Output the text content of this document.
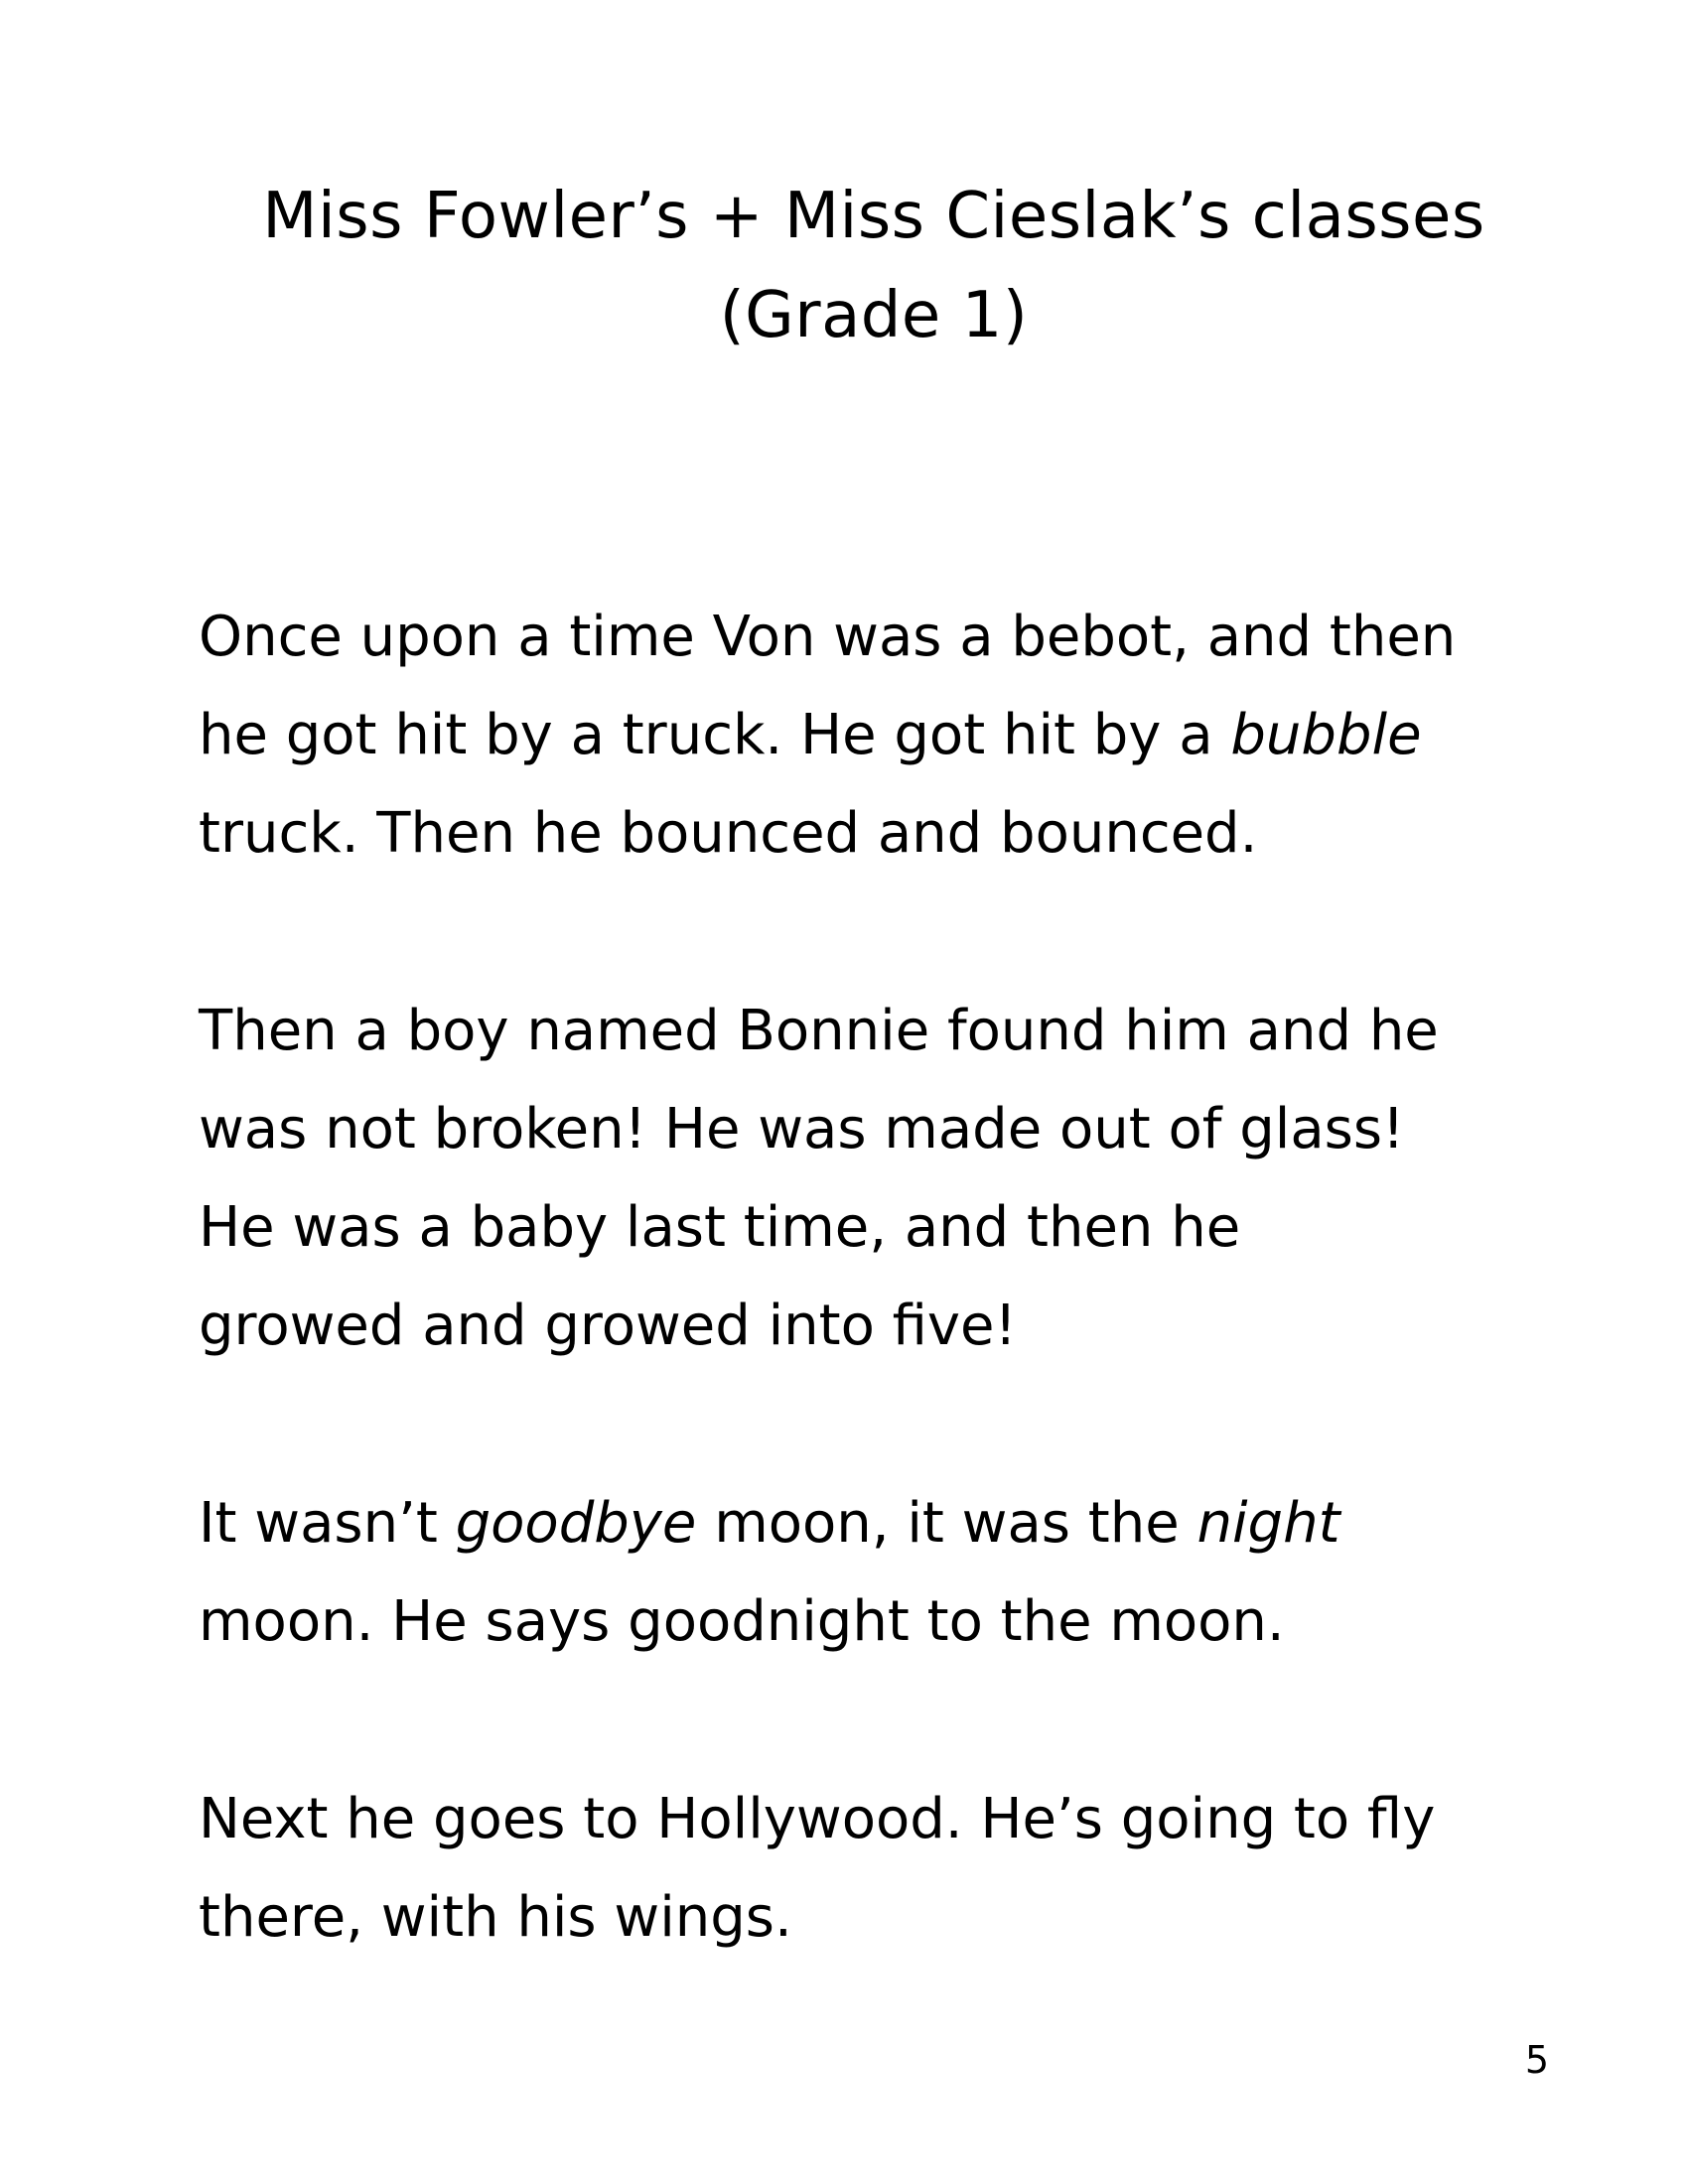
Miss Fowler’s + Miss Cieslak’s classes
(Grade 1)

Once upon a time Von was a bebot, and then
he got hit by a truck. He got hit by a bubble
truck. Then he bounced and bounced.

Then a boy named Bonnie found him and he
was not broken! He was made out of glass!
He was a baby last time, and then he
growed and growed into five!

It wasn’t goodbye moon, it was the night
moon. He says goodnight to the moon.

Next he goes to Hollywood. He’s going to fly
there, with his wings.

5
